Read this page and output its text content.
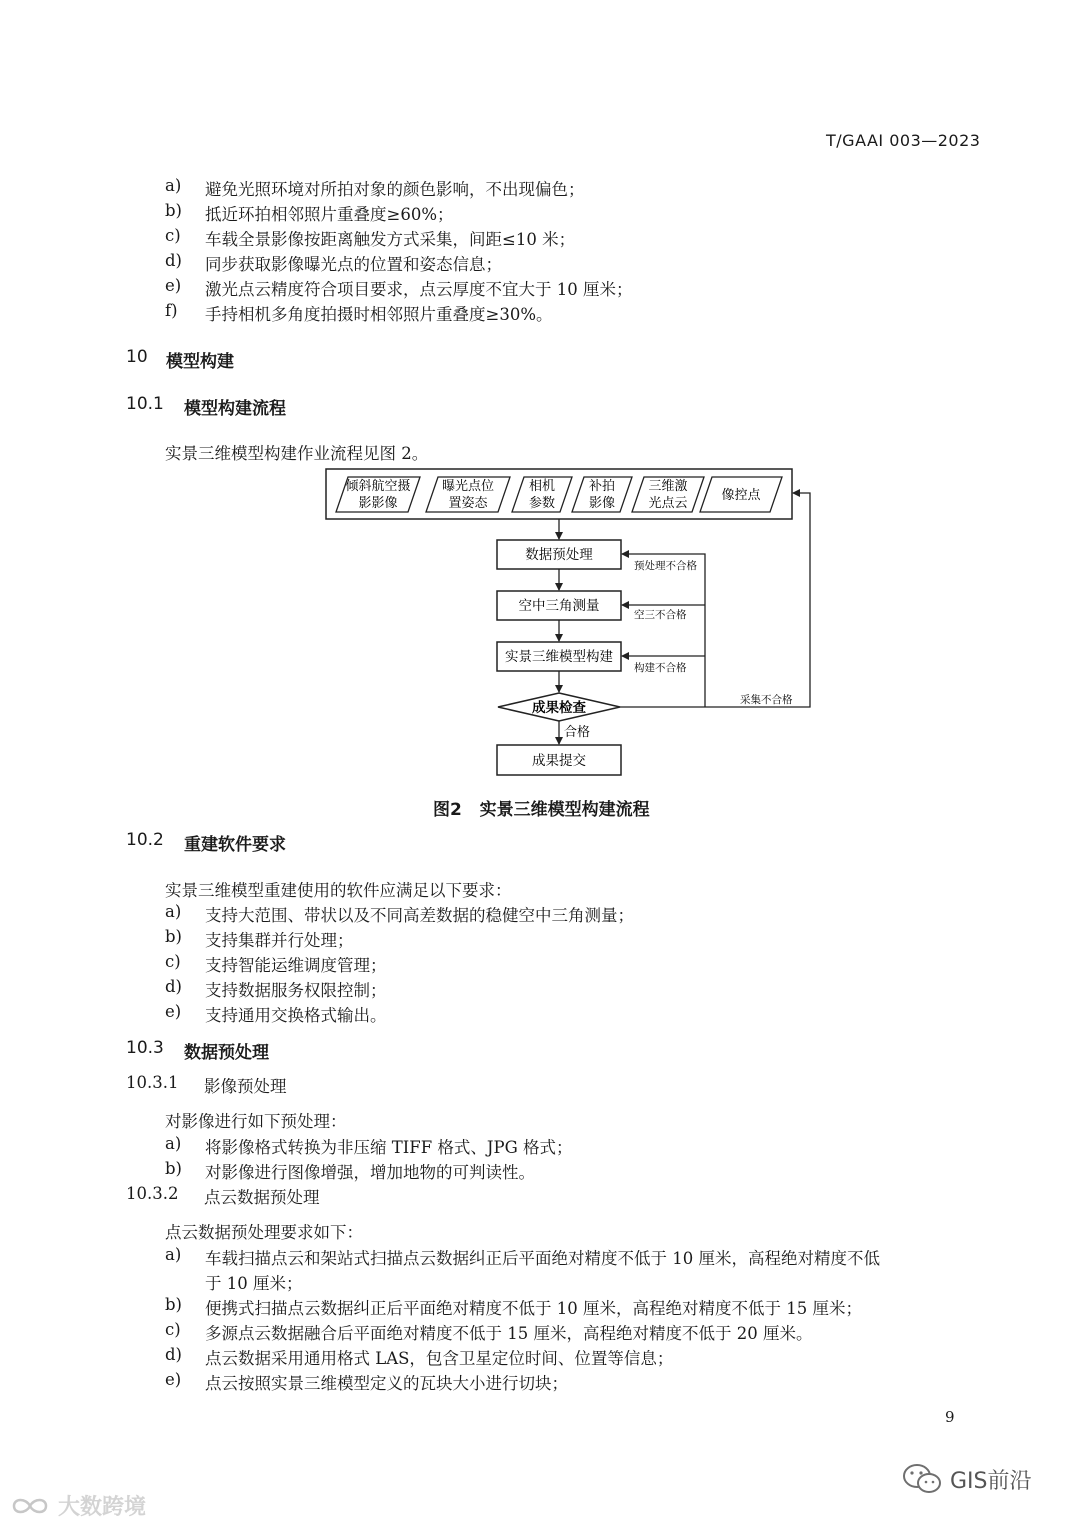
T/GAAI 003—2023
a) 避免光照环境对所拍对象的颜色影响，不出现偏色；
b) 抵近环拍相邻照片重叠度≥60%；
c) 车载全景影像按距离触发方式采集，间距≤10 米；
d) 同步获取影像曝光点的位置和姿态信息；
e) 激光点云精度符合项目要求，点云厚度不宜大于 10 厘米；
f) 手持相机多角度拍摄时相邻照片重叠度≥30%。
10 模型构建
10.1 模型构建流程
实景三维模型构建作业流程见图 2。
倾斜航空摄
影影像
曝光点位
置姿态
相机
参数
补拍
影像
三维激
光点云
像控点
数据预处理
空中三角测量
实景三维模型构建
成果检查
成果提交
预处理不合格
空三不合格
构建不合格
采集不合格
合格
图2   实景三维模型构建流程
10.2 重建软件要求
实景三维模型重建使用的软件应满足以下要求：
a) 支持大范围、带状以及不同高差数据的稳健空中三角测量；
b) 支持集群并行处理；
c) 支持智能运维调度管理；
d) 支持数据服务权限控制；
e) 支持通用交换格式输出。
10.3 数据预处理
10.3.1 影像预处理
对影像进行如下预处理：
a) 将影像格式转换为非压缩 TIFF 格式、JPG 格式；
b) 对影像进行图像增强，增加地物的可判读性。
10.3.2 点云数据预处理
点云数据预处理要求如下：
a) 车载扫描点云和架站式扫描点云数据纠正后平面绝对精度不低于 10 厘米，高程绝对精度不低
于 10 厘米；
b) 便携式扫描点云数据纠正后平面绝对精度不低于 10 厘米，高程绝对精度不低于 15 厘米；
c) 多源点云数据融合后平面绝对精度不低于 15 厘米，高程绝对精度不低于 20 厘米。
d) 点云数据采用通用格式 LAS，包含卫星定位时间、位置等信息；
e) 点云按照实景三维模型定义的瓦块大小进行切块；
9
大数跨境
GIS前沿
